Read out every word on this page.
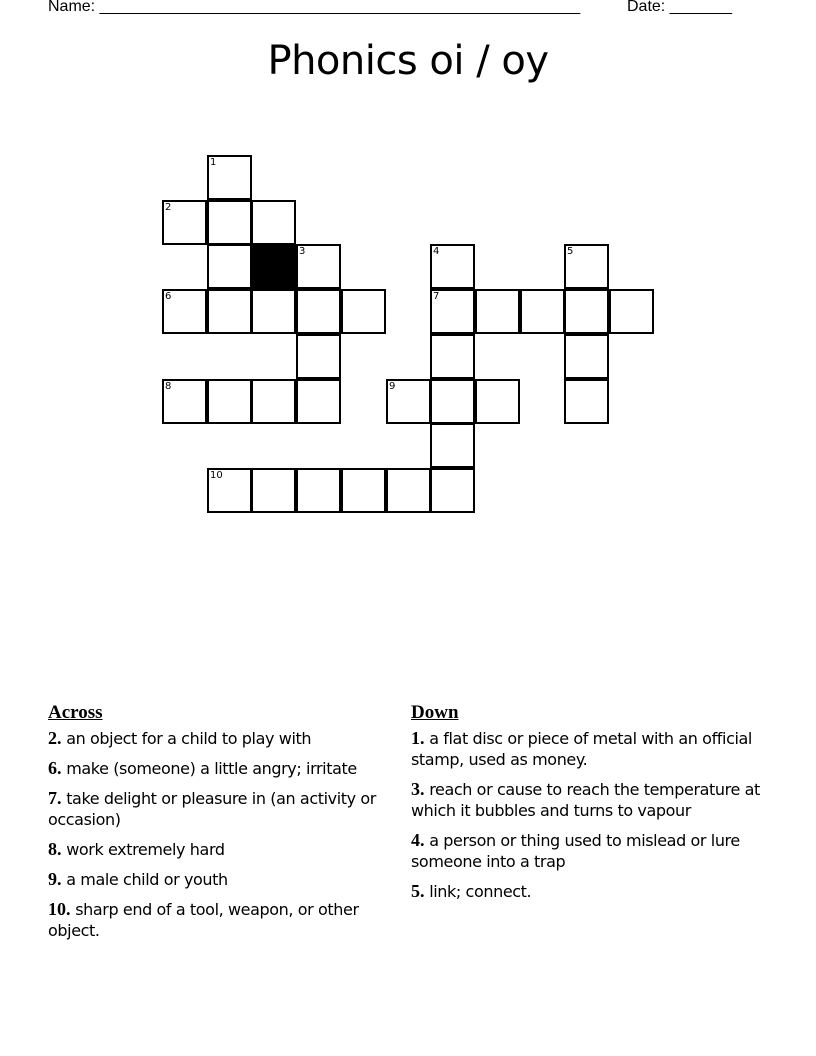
Name: ______________________________________________________	Date: _______
Phonics oi / oy
1
2
3	4	5
6	7
8	9
10
Across
2. an object for a child to play with
6. make (someone) a little angry; irritate
7. take delight or pleasure in (an activity or occasion)
8. work extremely hard
9. a male child or youth
10. sharp end of a tool, weapon, or other object.
Down
1. a flat disc or piece of metal with an official stamp, used as money.
3. reach or cause to reach the temperature at which it bubbles and turns to vapour
4. a person or thing used to mislead or lure someone into a trap
5. link; connect.
